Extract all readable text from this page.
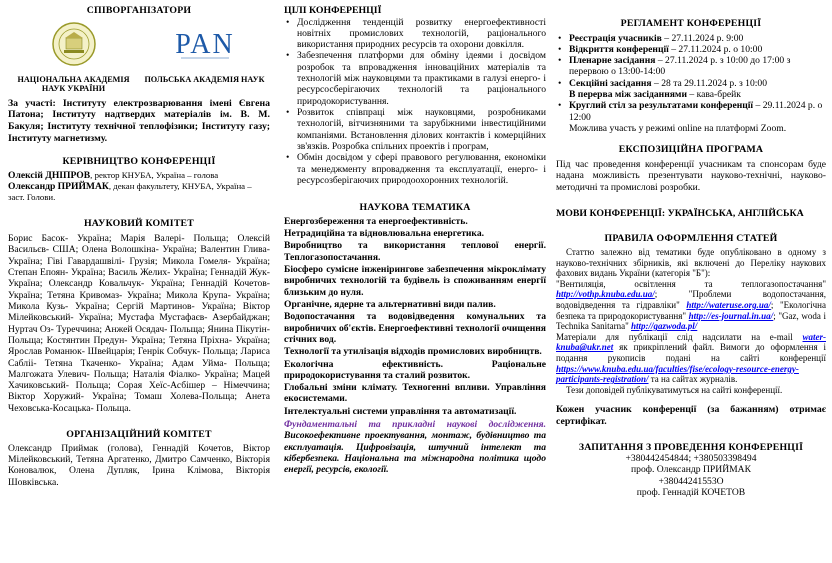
СПІВОРГАНІЗАТОРИ
НАЦІОНАЛЬНА АКАДЕМІЯ НАУК УКРАЇНИ
PAN
ПОЛЬСЬКА АКАДЕМІЯ НАУК
За участі: Інституту електрозварювання імені Євгена Патона; Інституту надтвердих матеріалів ім. В. М. Бакуля; Інституту технічної теплофізики; Інституту газу; Інституту магнетизму.
КЕРІВНИЦТВО КОНФЕРЕНЦІЇ
Олексій ДНІПРОВ, ректор КНУБА, Україна – голова
Олександр ПРИЙМАК, декан факультету, КНУБА, Україна – заст. Голови.
НАУКОВИЙ КОМІТЕТ
Борис Басок- Україна; Марія Валері- Польща; Олексій Васильєв- США; Олена Волошкіна- Україна; Валентин Глива- Україна; Гіві Гавардашвілі- Грузія; Микола Гомеля- Україна; Степан Епоян- Україна; Василь Желих- Україна; Геннадій Жук- Україна; Олександр Ковальчук- Україна; Геннадій Кочетов- Україна; Тетяна Кривомаз- Україна; Микола Крупа- Україна; Микола Кузь- Україна; Сергій Мартинов- Україна; Віктор Мілейковський- Україна; Мустафа Мустафаєв- Азербайджан; Нуртач Оз- Туреччина; Анжей Осядач- Польща; Янина Пікутін- Польща; Костянтин Предун- Україна; Тетяна Пріхна- Україна; Ярослав Романюк- Швейцарія; Генрік Собчук- Польща; Лариса Сабліі- Тетяна Ткаченко- Україна; Адам Уйма- Польща; Малгожата Улевич- Польща; Наталія Фіалко- Україна; Мацей Хачиковський- Польща; Сорая Хеїс-Асбішер – Німеччина; Віктор Хоружий- Україна; Томаш Холева-Польща; Анета Чеховська-Косацька- Польща.
ОРГАНІЗАЦІЙНИЙ КОМІТЕТ
Олександр Приймак (голова), Геннадій Кочетов, Віктор Мілейковський, Тетяна Аргатенко, Дмитро Самченко, Вікторія Коновалюк, Олена Дупляк, Ірина Клімова, Вікторія Шовківська.
ЦІЛІ КОНФЕРЕНЦІЇ
• Дослідження тенденцій розвитку енергоефективності новітніх промислових технологій, раціонального використання природних ресурсів та охорони довкілля.
• Забезпечення платформи для обміну ідеями і досвідом розробок та впровадження інноваційних матеріалів та технологій між науковцями та практиками в галузі енерго- і ресурсосберігаючих технологій та раціонального природокористування.
• Розвиток співпраці між науковцями, розробниками технологій, вітчизняними та зарубіжними інвестиційними компаніями. Встановлення ділових контактів і комерційних зв'язків. Розробка спільних проектів і програм,
• Обмін досвідом у сфері правового регулювання, економіки та менеджменту впровадження та експлуатації, енерго- і ресурсозберігаючих природоохоронних технологій.
НАУКОВА ТЕМАТИКА
Енергозбереження та енергоефективність.
Нетрадиційна та відновлювальна енергетика.
Виробництво та використання теплової енергії. Теплогазопостачання.
Біосферо сумісне інженірингове забезпечення мікроклімату виробничих технологій та будівель із споживанням енергії близьким до нуля.
Органічне, ядерне та альтернативні види палив.
Водопостачання та водовідведення комунальних та виробничих об'єктів. Енергоефективні технології очищення стічних вод.
Технології та утилізація відходів промислових виробництв.
Екологічна ефективність. Раціональне природокористування та сталий розвиток.
Глобальні зміни клімату. Техногенні впливи. Управління екосистемами.
Інтелектуальні системи управління та автоматизації.
Фундаментальні та прикладні наукові дослідження. Високоефективне проектування, монтаж, будівництво та експлуатація. Цифровізація, штучний інтелект та кібербезпека. Національна та міжнародна політика щодо енергії, ресурсів, екології.
РЕГЛАМЕНТ КОНФЕРЕНЦІЇ
• Реєстрація учасників – 27.11.2024 р. 9:00
• Відкриття конференції – 27.11.2024 р. о 10:00
• Пленарне засідання – 27.11.2024 р. з 10:00 до 17:00 з перервою о 13:00-14:00
• Секційні засідання – 28 та 29.11.2024 р. з 10:00
В перерва між засіданнями – кава-брейк
• Круглий стіл за результатами конференції – 29.11.2024 р. о 12:00
Можлива участь у режимі online на платформі Zoom.
ЕКСПОЗИЦІЙНА ПРОГРАМА
Під час проведення конференції учасникам та спонсорам буде надана можливість презентувати науково-технічні, науково-методичні та промислові розробки.
МОВИ КОНФЕРЕНЦІЇ: УКРАЇНСЬКА, АНГЛІЙСЬКА
ПРАВИЛА ОФОРМЛЕННЯ СТАТЕЙ
Статтю залежно від тематики буде опубліковано в одному з науково-технічних збірників, які включені до Переліку наукових фахових видань України (категорія "Б"):
"Вентиляція, освітлення та теплогазопостачання" http://vothp.knuba.edu.ua/; "Проблеми водопостачання, водовідведення та гідравліки" http://wateruse.org.ua/; "Екологічна безпека та природокористування" http://es-journal.in.ua/; "Gaz, woda i Technika Sanitarna" http://gazwoda.pl/
Матеріали для публікації слід надсилати на e-mail water-knuba@ukr.net як прикріплений файл. Вимоги до оформлення і подання рукописів подані на сайті конференції https://www.knuba.edu.ua/faculties/fise/ecology-resource-energy-participants-registration/ та на сайтах журналів.
Тези доповідей публікуватимуться на сайті конференції.
Кожен учасник конференції (за бажанням) отримає сертифікат.
ЗАПИТАННЯ З ПРОВЕДЕННЯ КОНФЕРЕНЦІЇ
+380442454844; +380503398494
проф. Олександр ПРИЙМАК
+38044241553О
проф. Геннадій КОЧЕТОВ
